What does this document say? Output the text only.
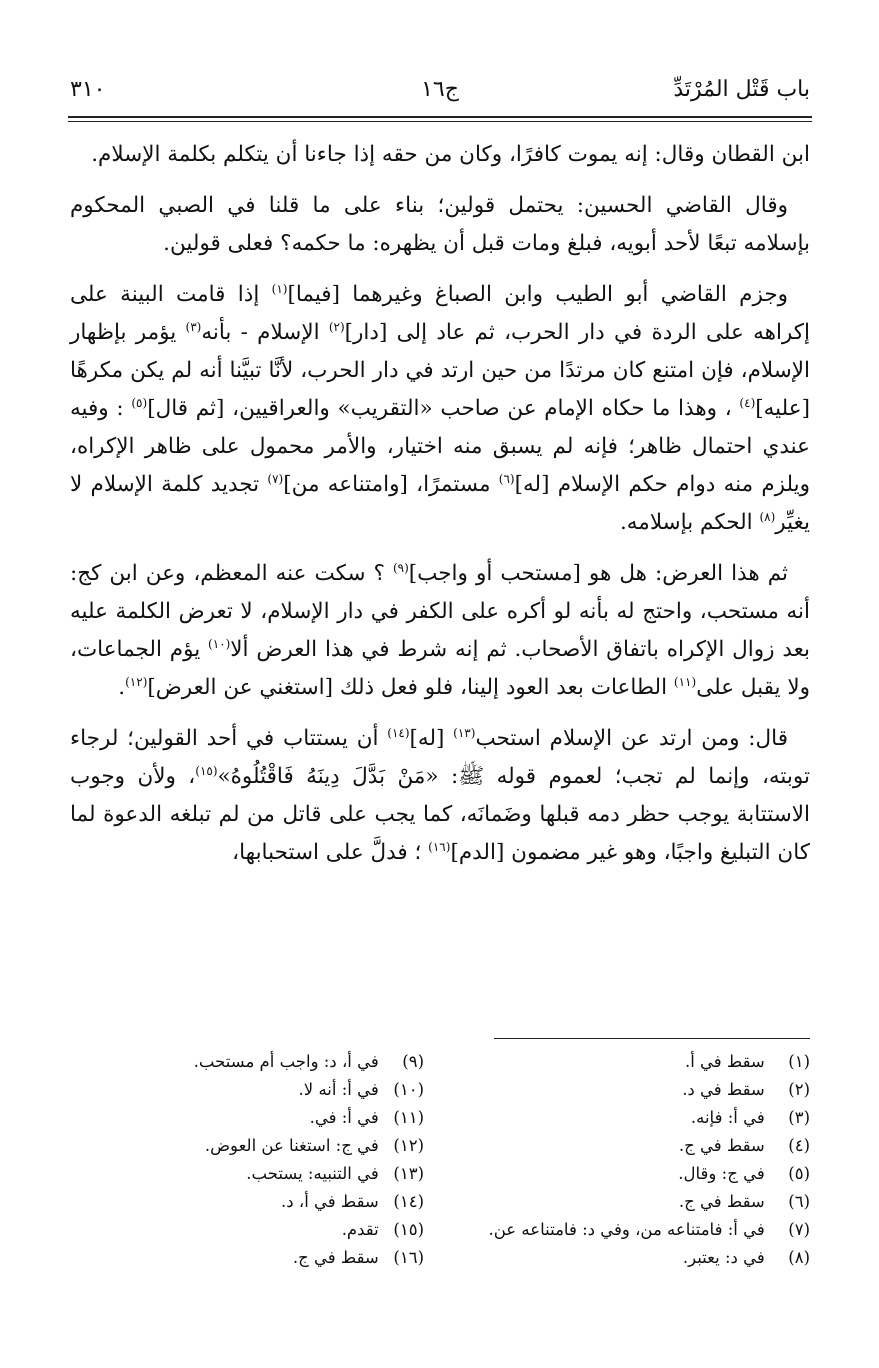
باب قَتْل المُرْتَدِّ
ج١٦
٣١٠

ابن القطان وقال: إنه يموت كافرًا، وكان من حقه إذا جاءنا أن يتكلم بكلمة الإسلام.

وقال القاضي الحسين: يحتمل قولين؛ بناء على ما قلنا في الصبي المحكوم بإسلامه تبعًا لأحد أبويه، فبلغ ومات قبل أن يظهره: ما حكمه؟ فعلى قولين.

وجزم القاضي أبو الطيب وابن الصباغ وغيرهما [فيما]$^{(١)}$ إذا قامت البينة على إكراهه على الردة في دار الحرب، ثم عاد إلى [دار]$^{(٢)}$ الإسلام - بأنه$^{(٣)}$ يؤمر بإظهار الإسلام، فإن امتنع كان مرتدًا من حين ارتد في دار الحرب، لأنَّا تبيَّنا أنه لم يكن مكرهًا [عليه]$^{(٤)}$ ، وهذا ما حكاه الإمام عن صاحب «التقريب» والعراقيين، [ثم قال]$^{(٥)}$ : وفيه عندي احتمال ظاهر؛ فإنه لم يسبق منه اختيار، والأمر محمول على ظاهر الإكراه، ويلزم منه دوام حكم الإسلام [له]$^{(٦)}$ مستمرًا، [وامتناعه من]$^{(٧)}$ تجديد كلمة الإسلام لا يغيِّر$^{(٨)}$ الحكم بإسلامه.

ثم هذا العرض: هل هو [مستحب أو واجب]$^{(٩)}$ ؟ سكت عنه المعظم، وعن ابن كج: أنه مستحب، واحتج له بأنه لو أكره على الكفر في دار الإسلام، لا تعرض الكلمة عليه بعد زوال الإكراه باتفاق الأصحاب. ثم إنه شرط في هذا العرض ألا$^{(١٠)}$ يؤم الجماعات، ولا يقبل على$^{(١١)}$ الطاعات بعد العود إلينا، فلو فعل ذلك [استغني عن العرض]$^{(١٢)}$.

قال: ومن ارتد عن الإسلام استحب$^{(١٣)}$ [له]$^{(١٤)}$ أن يستتاب في أحد القولين؛ لرجاء توبته، وإنما لم تجب؛ لعموم قوله ﷺ: «مَنْ بَدَّلَ دِينَهُ فَاقْتُلُوهُ»$^{(١٥)}$، ولأن وجوب الاستتابة يوجب حظر دمه قبلها وضَمانَه، كما يجب على قاتل من لم تبلغه الدعوة لما كان التبليغ واجبًا، وهو غير مضمون [الدم]$^{(١٦)}$ ؛ فدلَّ على استحبابها،

(١) سقط في أ.
(٢) سقط في د.
(٣) في أ: فإنه.
(٤) سقط في ج.
(٥) في ج: وقال.
(٦) سقط في ج.
(٧) في أ: فامتناعه من، وفي د: فامتناعه عن.
(٨) في د: يعتبر.
(٩) في أ، د: واجب أم مستحب.
(١٠) في أ: أنه لا.
(١١) في أ: في.
(١٢) في ج: استغنا عن العوض.
(١٣) في التنبيه: يستحب.
(١٤) سقط في أ، د.
(١٥) تقدم.
(١٦) سقط في ج.
